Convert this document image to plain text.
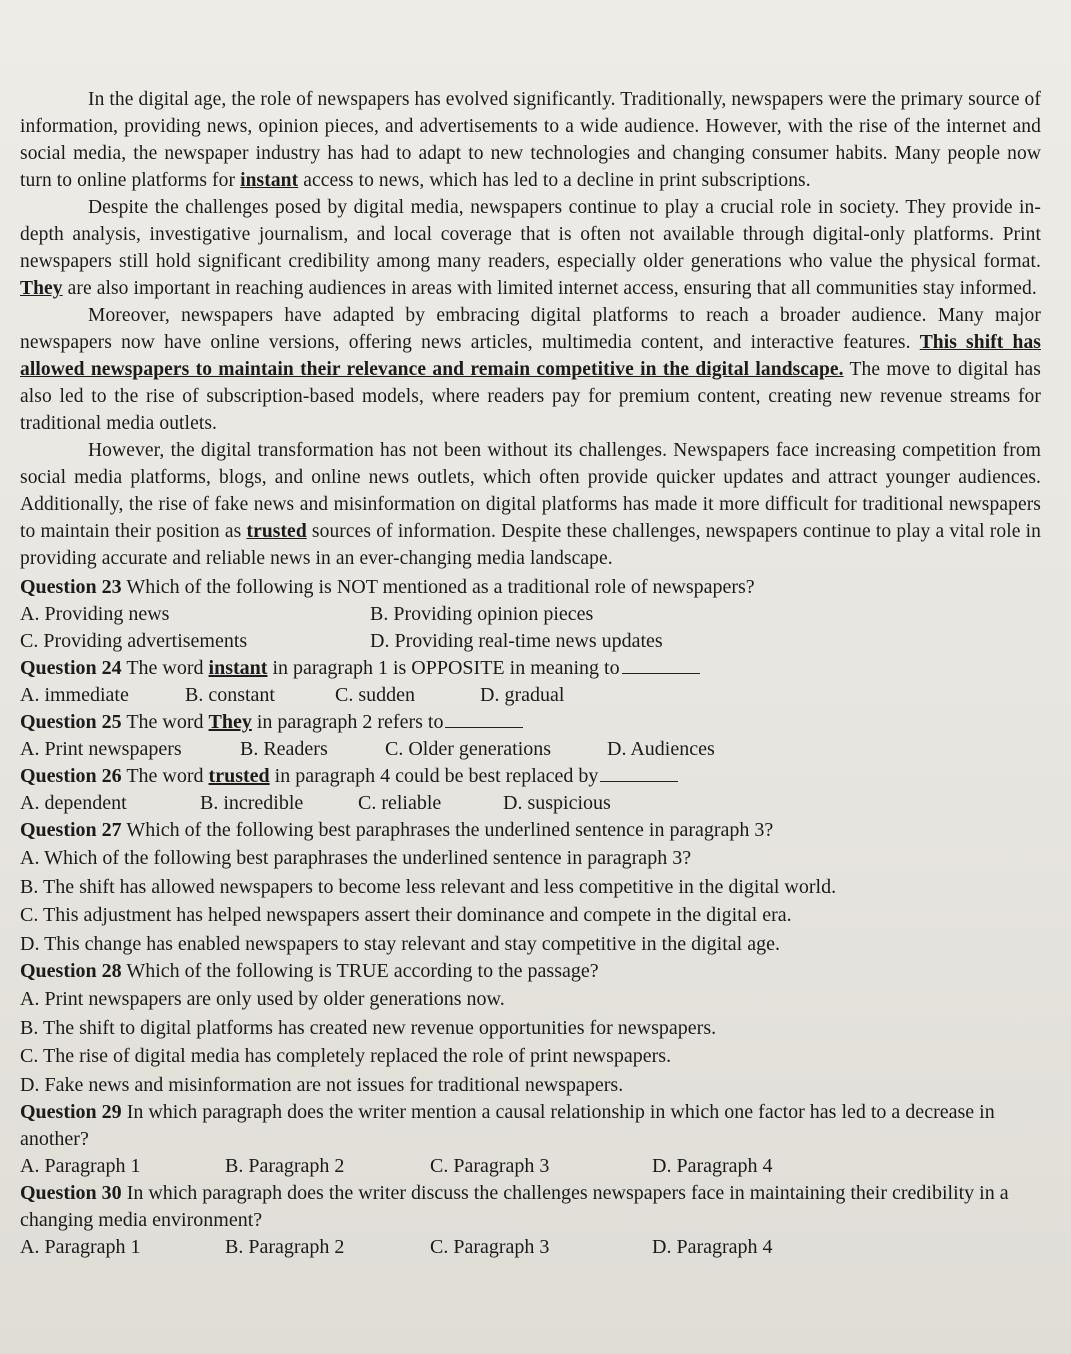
In the digital age, the role of newspapers has evolved significantly. Traditionally, newspapers were the primary source of information, providing news, opinion pieces, and advertisements to a wide audience. However, with the rise of the internet and social media, the newspaper industry has had to adapt to new technologies and changing consumer habits. Many people now turn to online platforms for instant access to news, which has led to a decline in print subscriptions.

Despite the challenges posed by digital media, newspapers continue to play a crucial role in society. They provide in-depth analysis, investigative journalism, and local coverage that is often not available through digital-only platforms. Print newspapers still hold significant credibility among many readers, especially older generations who value the physical format. They are also important in reaching audiences in areas with limited internet access, ensuring that all communities stay informed.

Moreover, newspapers have adapted by embracing digital platforms to reach a broader audience. Many major newspapers now have online versions, offering news articles, multimedia content, and interactive features. This shift has allowed newspapers to maintain their relevance and remain competitive in the digital landscape. The move to digital has also led to the rise of subscription-based models, where readers pay for premium content, creating new revenue streams for traditional media outlets.

However, the digital transformation has not been without its challenges. Newspapers face increasing competition from social media platforms, blogs, and online news outlets, which often provide quicker updates and attract younger audiences. Additionally, the rise of fake news and misinformation on digital platforms has made it more difficult for traditional newspapers to maintain their position as trusted sources of information. Despite these challenges, newspapers continue to play a vital role in providing accurate and reliable news in an ever-changing media landscape.

Question 23 Which of the following is NOT mentioned as a traditional role of newspapers?

A. Providing news	B. Providing opinion pieces
C. Providing advertisements	D. Providing real-time news updates

Question 24 The word instant in paragraph 1 is OPPOSITE in meaning to

A. immediate	B. constant	C. sudden	D. gradual

Question 25 The word They in paragraph 2 refers to

A. Print newspapers	B. Readers	C. Older generations	D. Audiences

Question 26 The word trusted in paragraph 4 could be best replaced by

A. dependent	B. incredible	C. reliable	D. suspicious

Question 27 Which of the following best paraphrases the underlined sentence in paragraph 3?

A. Which of the following best paraphrases the underlined sentence in paragraph 3?
B. The shift has allowed newspapers to become less relevant and less competitive in the digital world.
C. This adjustment has helped newspapers assert their dominance and compete in the digital era.
D. This change has enabled newspapers to stay relevant and stay competitive in the digital age.

Question 28 Which of the following is TRUE according to the passage?

A. Print newspapers are only used by older generations now.
B. The shift to digital platforms has created new revenue opportunities for newspapers.
C. The rise of digital media has completely replaced the role of print newspapers.
D. Fake news and misinformation are not issues for traditional newspapers.

Question 29 In which paragraph does the writer mention a causal relationship in which one factor has led to a decrease in another?

A. Paragraph 1	B. Paragraph 2	C. Paragraph 3	D. Paragraph 4

Question 30 In which paragraph does the writer discuss the challenges newspapers face in maintaining their credibility in a changing media environment?

A. Paragraph 1	B. Paragraph 2	C. Paragraph 3	D. Paragraph 4
